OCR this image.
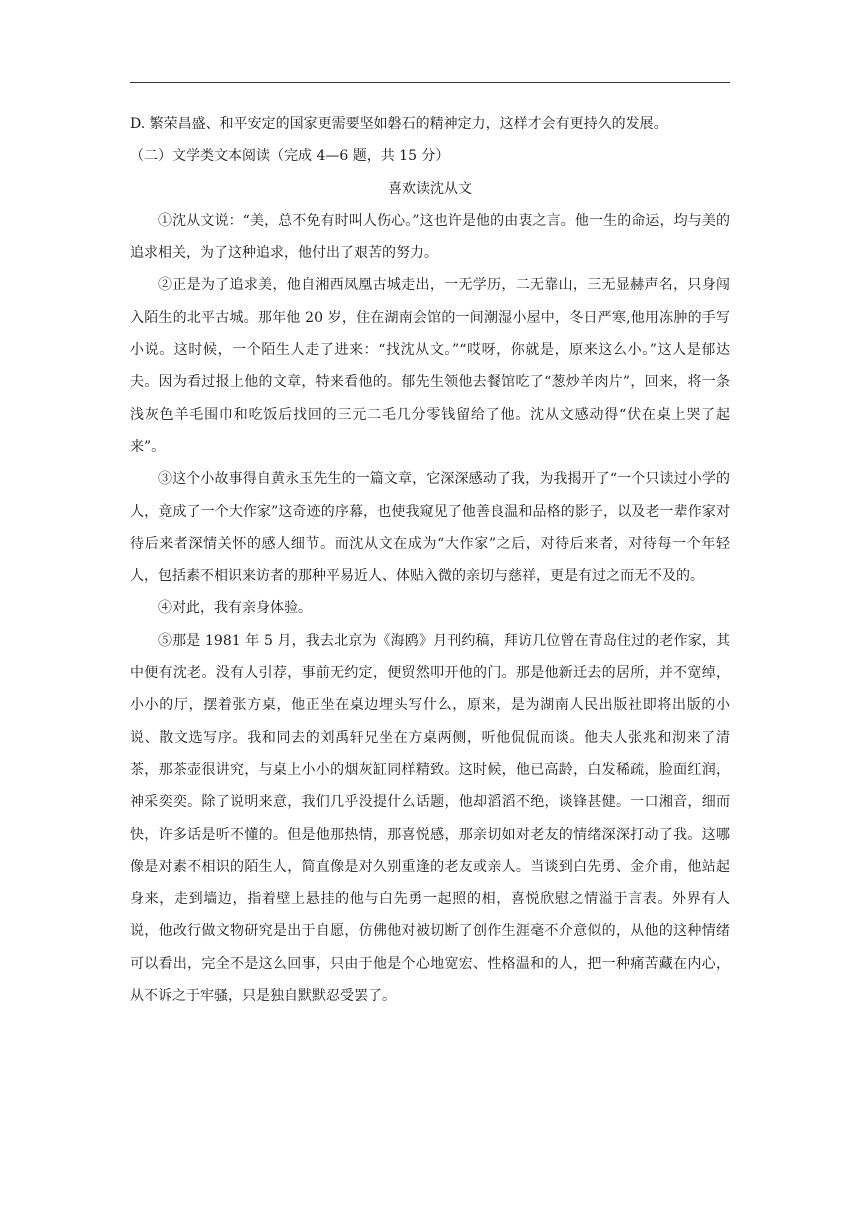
D. 繁荣昌盛、和平安定的国家更需要坚如磐石的精神定力，这样才会有更持久的发展。

（二）文学类文本阅读（完成 4—6 题，共 15 分）

喜欢读沈从文

①沈从文说：“美，总不免有时叫人伤心。”这也许是他的由衷之言。他一生的命运，均与美的追求相关，为了这种追求，他付出了艰苦的努力。

②正是为了追求美，他自湘西凤凰古城走出，一无学历，二无靠山，三无显赫声名，只身闯入陌生的北平古城。那年他 20 岁，住在湖南会馆的一间潮湿小屋中，冬日严寒,他用冻肿的手写小说。这时候，一个陌生人走了进来：“找沈从文。”“哎呀，你就是，原来这么小。”这人是郁达夫。因为看过报上他的文章，特来看他的。郁先生领他去餐馆吃了“葱炒羊肉片”，回来，将一条浅灰色羊毛围巾和吃饭后找回的三元二毛几分零钱留给了他。沈从文感动得“伏在桌上哭了起来”。

③这个小故事得自黄永玉先生的一篇文章，它深深感动了我，为我揭开了“一个只读过小学的人，竟成了一个大作家”这奇迹的序幕，也使我窥见了他善良温和品格的影子，以及老一辈作家对待后来者深情关怀的感人细节。而沈从文在成为“大作家”之后，对待后来者，对待每一个年轻人，包括素不相识来访者的那种平易近人、体贴入微的亲切与慈祥，更是有过之而无不及的。

④对此，我有亲身体验。

⑤那是 1981 年 5 月，我去北京为《海鸥》月刊约稿，拜访几位曾在青岛住过的老作家，其中便有沈老。没有人引荐，事前无约定，便贸然叩开他的门。那是他新迁去的居所，并不宽绰，小小的厅，摆着张方桌，他正坐在桌边埋头写什么，原来，是为湖南人民出版社即将出版的小说、散文选写序。我和同去的刘禹轩兄坐在方桌两侧，听他侃侃而谈。他夫人张兆和沏来了清茶，那茶壶很讲究，与桌上小小的烟灰缸同样精致。这时候，他已高龄，白发稀疏，脸面红润，神采奕奕。除了说明来意，我们几乎没提什么话题，他却滔滔不绝，谈锋甚健。一口湘音，细而快，许多话是听不懂的。但是他那热情，那喜悦感，那亲切如对老友的情绪深深打动了我。这哪像是对素不相识的陌生人，简直像是对久别重逢的老友或亲人。当谈到白先勇、金介甫，他站起身来，走到墙边，指着壁上悬挂的他与白先勇一起照的相，喜悦欣慰之情溢于言表。外界有人说，他改行做文物研究是出于自愿，仿佛他对被切断了创作生涯毫不介意似的，从他的这种情绪可以看出，完全不是这么回事，只由于他是个心地宽宏、性格温和的人，把一种痛苦藏在内心，从不诉之于牢骚，只是独自默默忍受罢了。
